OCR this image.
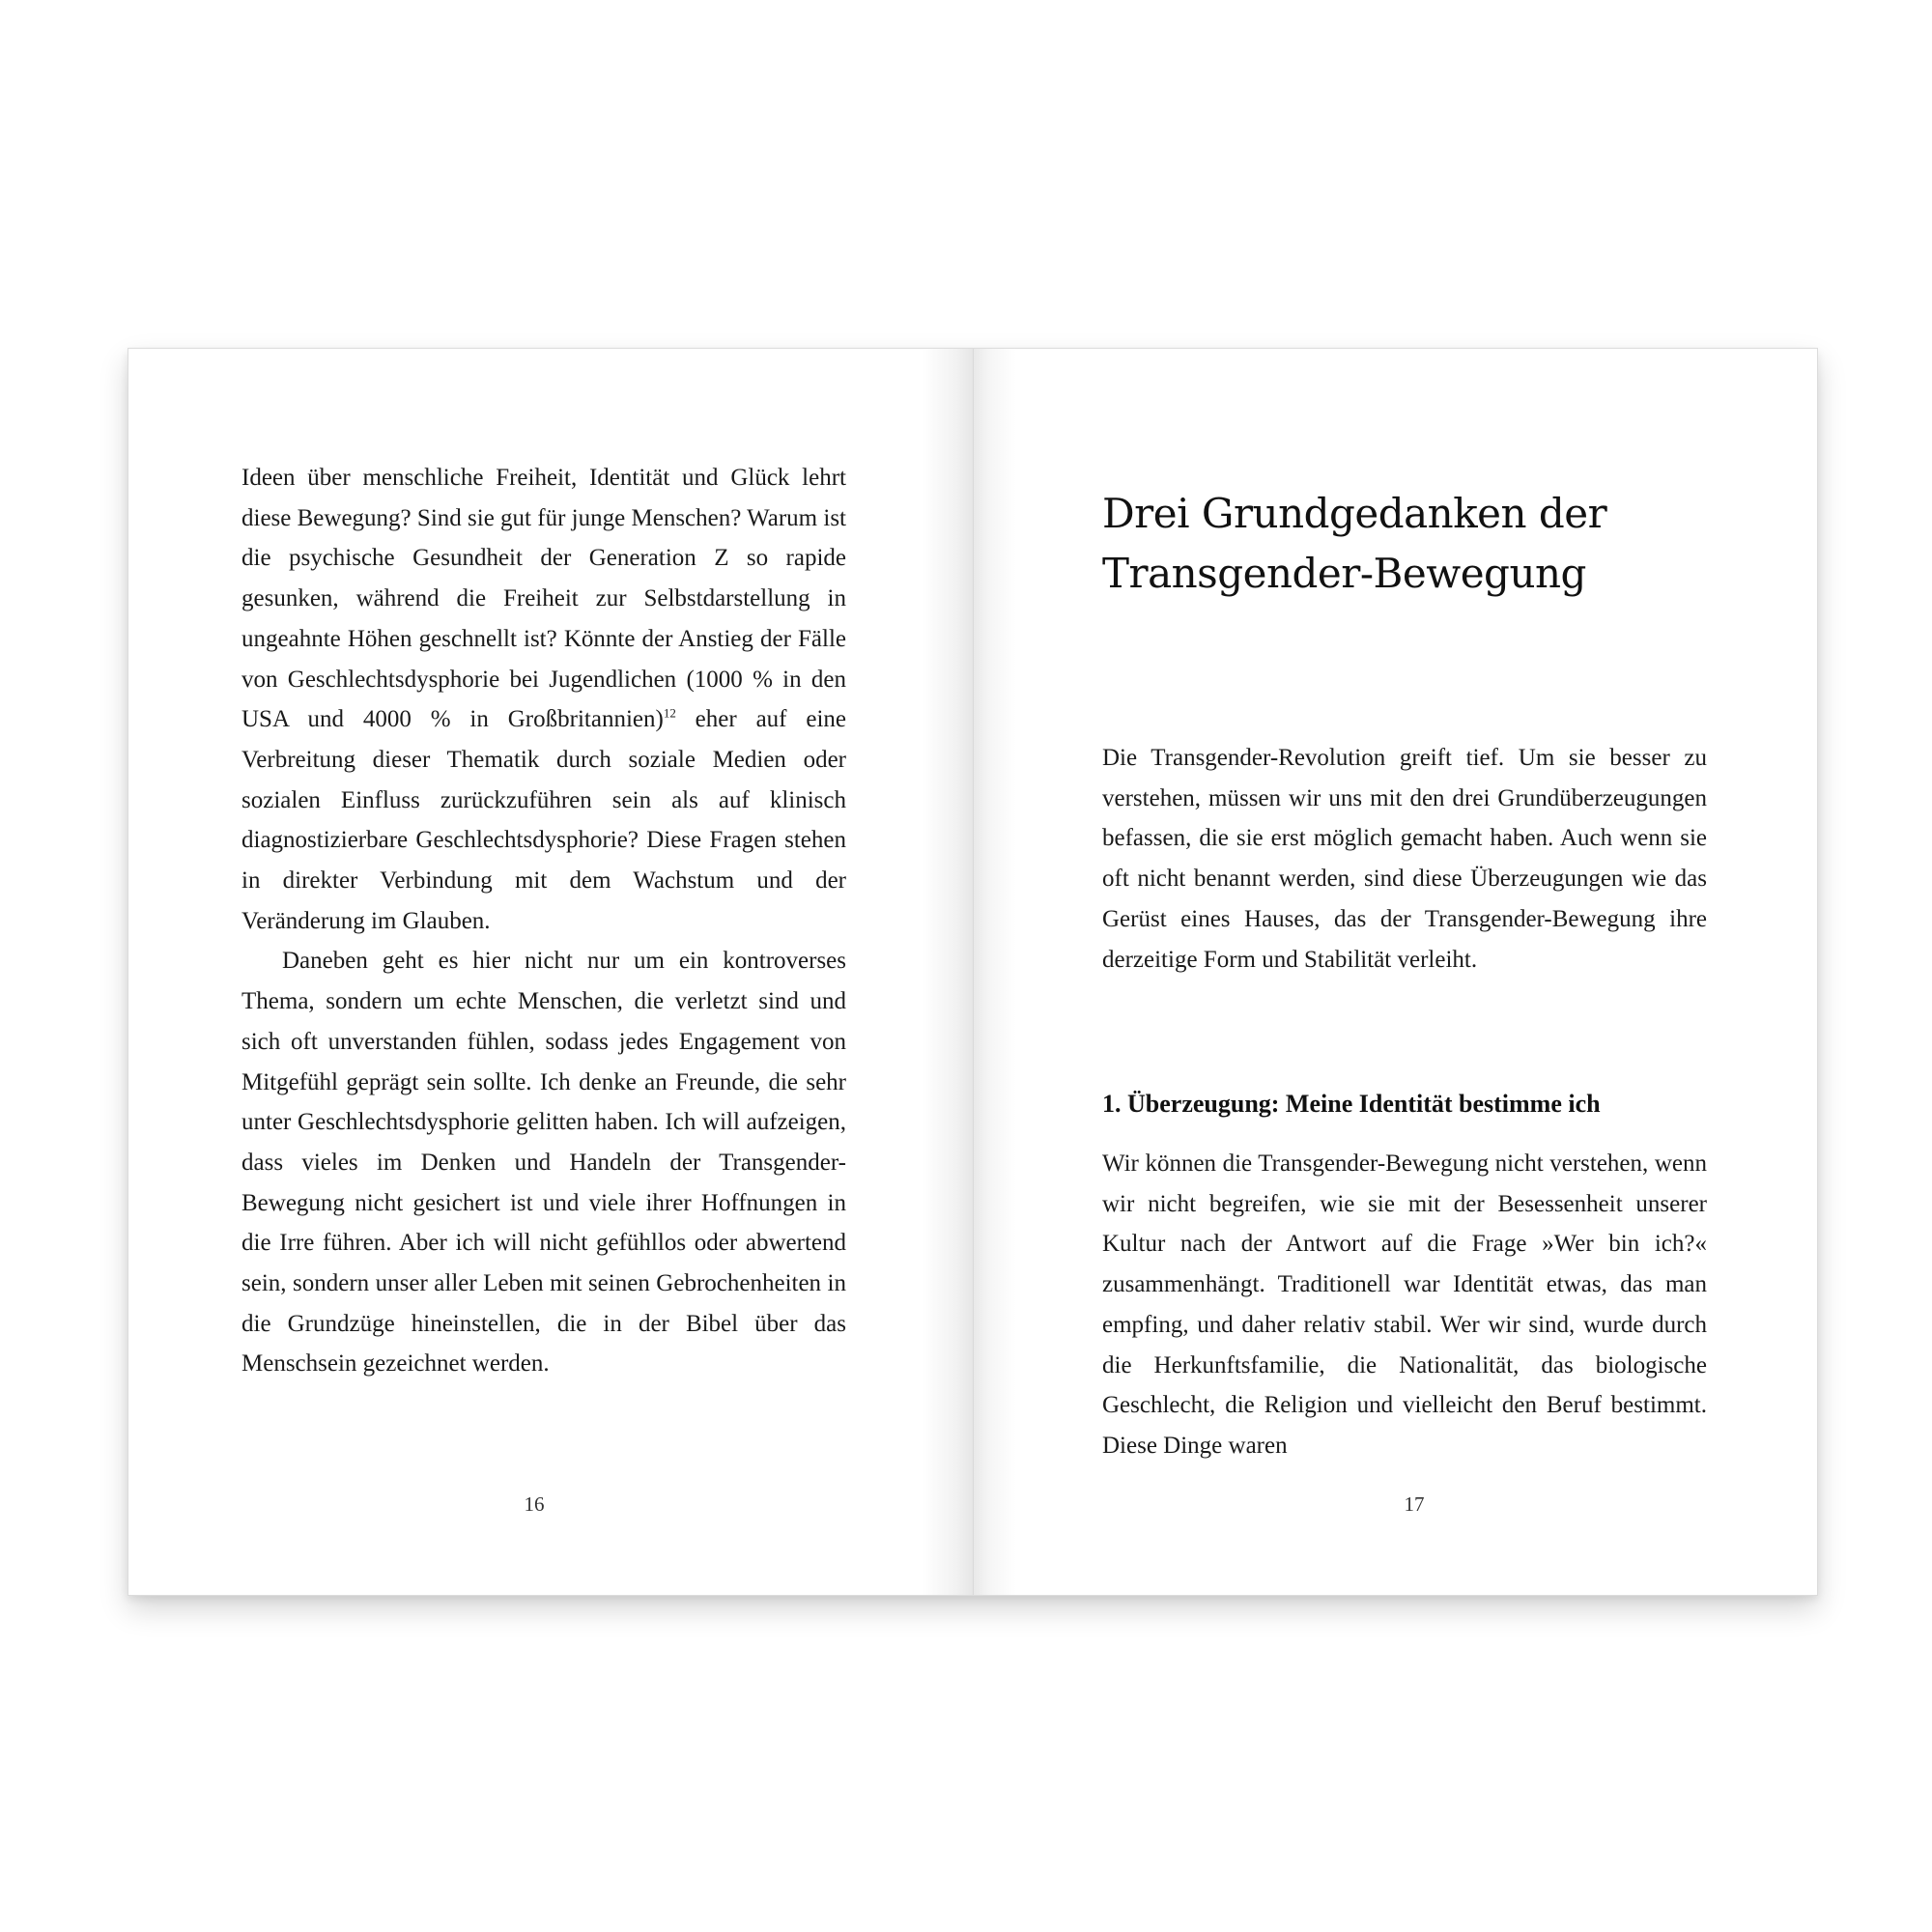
Ideen über menschliche Freiheit, Identität und Glück lehrt diese Bewegung? Sind sie gut für junge Menschen? Warum ist die psychische Gesundheit der Generation Z so rapide gesunken, während die Freiheit zur Selbstdarstellung in ungeahnte Höhen geschnellt ist? Könnte der Anstieg der Fälle von Geschlechtsdysphorie bei Jugendlichen (1000 % in den USA und 4000 % in Großbritannien)$^{12}$ eher auf eine Verbreitung dieser Thematik durch soziale Medien oder sozialen Einfluss zurückzuführen sein als auf klinisch diagnostizierbare Geschlechtsdysphorie? Diese Fragen stehen in direkter Verbindung mit dem Wachstum und der Veränderung im Glauben.

Daneben geht es hier nicht nur um ein kontroverses Thema, sondern um echte Menschen, die verletzt sind und sich oft unverstanden fühlen, sodass jedes Engagement von Mitgefühl geprägt sein sollte. Ich denke an Freunde, die sehr unter Geschlechtsdysphorie gelitten haben. Ich will aufzeigen, dass vieles im Denken und Handeln der Transgender-Bewegung nicht gesichert ist und viele ihrer Hoffnungen in die Irre führen. Aber ich will nicht gefühllos oder abwertend sein, sondern unser aller Leben mit seinen Gebrochenheiten in die Grundzüge hineinstellen, die in der Bibel über das Menschsein gezeichnet werden.

16
Drei Grundgedanken der
Transgender-Bewegung

Die Transgender-Revolution greift tief. Um sie besser zu verstehen, müssen wir uns mit den drei Grundüberzeugungen befassen, die sie erst möglich gemacht haben. Auch wenn sie oft nicht benannt werden, sind diese Überzeugungen wie das Gerüst eines Hauses, das der Transgender-Bewegung ihre derzeitige Form und Stabilität verleiht.

1. Überzeugung: Meine Identität bestimme ich

Wir können die Transgender-Bewegung nicht verstehen, wenn wir nicht begreifen, wie sie mit der Besessenheit unserer Kultur nach der Antwort auf die Frage »Wer bin ich?« zusammenhängt. Traditionell war Identität etwas, das man empfing, und daher relativ stabil. Wer wir sind, wurde durch die Herkunftsfamilie, die Nationalität, das biologische Geschlecht, die Religion und vielleicht den Beruf bestimmt. Diese Dinge waren

17
